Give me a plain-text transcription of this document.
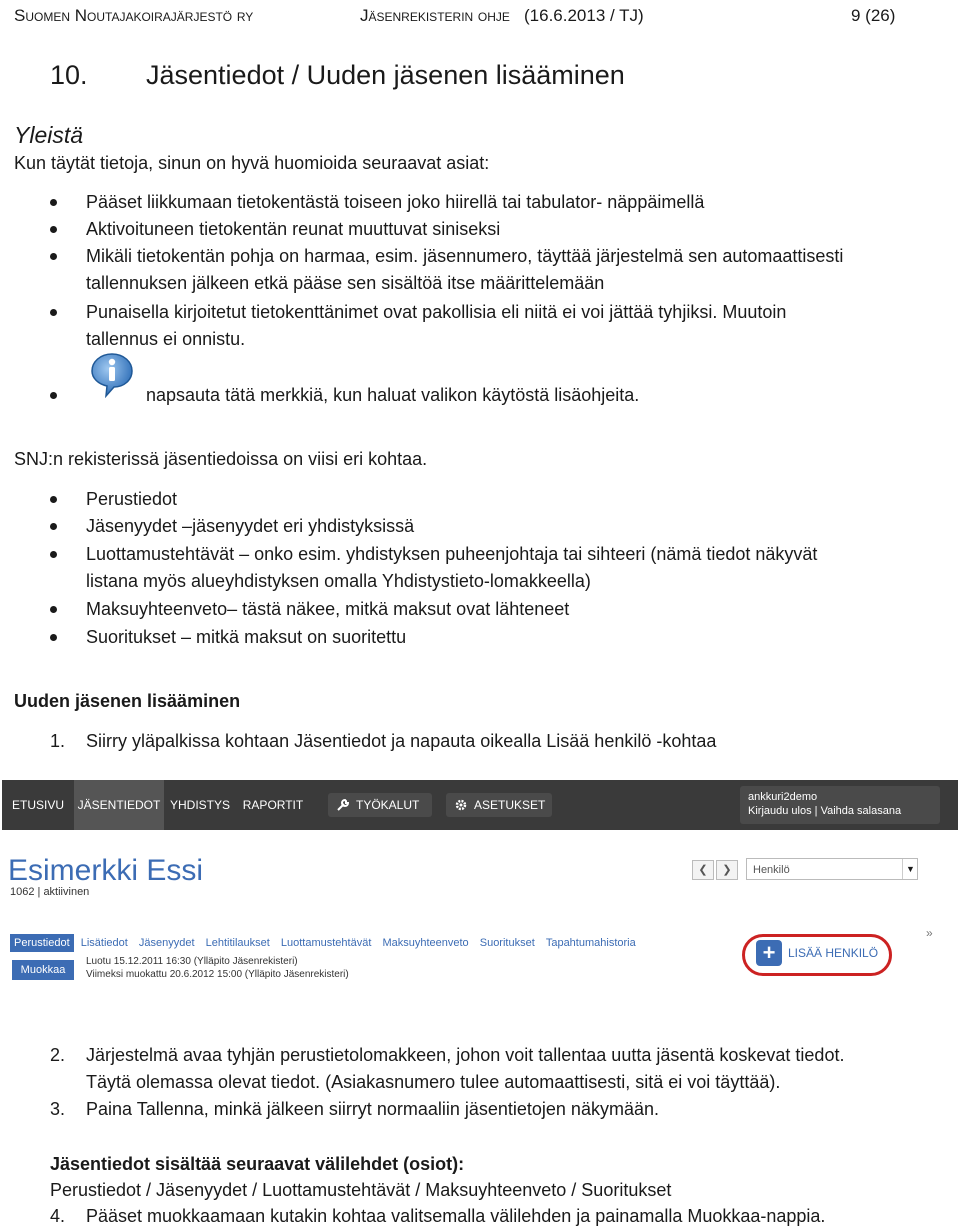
Suomen Noutajakoirajärjestö ry	Jäsenrekisterin ohje (16.6.2013 / TJ)	9 (26)
10. Jäsentiedot / Uuden jäsenen lisääminen
Yleistä
Kun täytät tietoja, sinun on hyvä huomioida seuraavat asiat:
Pääset liikkumaan tietokentästä toiseen joko hiirellä tai tabulator- näppäimellä
Aktivoituneen tietokentän reunat muuttuvat siniseksi
Mikäli tietokentän pohja on harmaa, esim. jäsennumero, täyttää järjestelmä sen automaattisesti
tallennuksen jälkeen etkä pääse sen sisältöä itse määrittelemään
Punaisella kirjoitetut tietokenttänimet ovat pakollisia eli niitä ei voi jättää tyhjiksi. Muutoin
tallennus ei onnistu.
napsauta tätä merkkiä, kun haluat valikon käytöstä lisäohjeita.
SNJ:n rekisterissä jäsentiedoissa on viisi eri kohtaa.
Perustiedot
Jäsenyydet –jäsenyydet eri yhdistyksissä
Luottamustehtävät – onko esim. yhdistyksen puheenjohtaja tai sihteeri (nämä tiedot näkyvät
listana myös alueyhdistyksen omalla Yhdistystieto-lomakkeella)
Maksuyhteenveto– tästä näkee, mitkä maksut ovat lähteneet
Suoritukset – mitkä maksut on suoritettu
Uuden jäsenen lisääminen
1. Siirry yläpalkissa kohtaan Jäsentiedot ja napauta oikealla Lisää henkilö -kohtaa
ETUSIVU	JÄSENTIEDOT YHDISTYS	RAPORTIT	TYÖKALUT	ASETUKSET
ankkuri2demo
Kirjaudu ulos | Vaihda salasana
Esimerkki Essi
1062 | aktiivinen
❮	❯	Henkilö	▼
Perustiedot Lisätiedot Jäsenyydet Lehtitilaukset Luottamustehtävät Maksuyhteenveto Suoritukset Tapahtumahistoria
»
Muokkaa
Luotu 15.12.2011 16:30 (Ylläpito Jäsenrekisteri)
Viimeksi muokattu 20.6.2012 15:00 (Ylläpito Jäsenrekisteri)
+	LISÄÄ HENKILÖ
2. Järjestelmä avaa tyhjän perustietolomakkeen, johon voit tallentaa uutta jäsentä koskevat tiedot.
Täytä olemassa olevat tiedot. (Asiakasnumero tulee automaattisesti, sitä ei voi täyttää).
3. Paina Tallenna, minkä jälkeen siirryt normaaliin jäsentietojen näkymään.
Jäsentiedot sisältää seuraavat välilehdet (osiot):
Perustiedot / Jäsenyydet / Luottamustehtävät / Maksuyhteenveto / Suoritukset
4. Pääset muokkaamaan kutakin kohtaa valitsemalla välilehden ja painamalla Muokkaa-nappia.
